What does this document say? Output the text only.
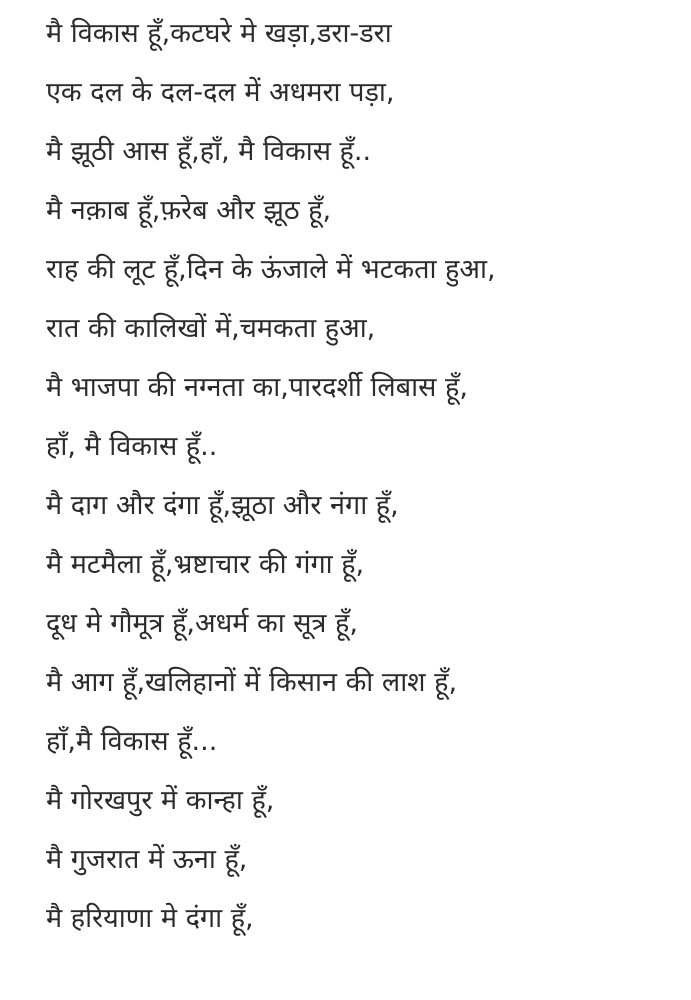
मै विकास हूँ,कटघरे मे खड़ा,डरा-डरा
एक दल के दल-दल में अधमरा पड़ा,
मै झूठी आस हूँ,हाँ, मै विकास हूँ..
मै नक़ाब हूँ,फ़रेब और झूठ हूँ,
राह की लूट हूँ,दिन के ऊंजाले में भटकता हुआ,
रात की कालिखों में,चमकता हुआ,
मै भाजपा की नग्नता का,पारदर्शी लिबास हूँ,
हाँ, मै विकास हूँ..
मै दाग और दंगा हूँ,झूठा और नंगा हूँ,
मै मटमैला हूँ,भ्रष्टाचार की गंगा हूँ,
दूध मे गौमूत्र हूँ,अधर्म का सूत्र हूँ,
मै आग हूँ,खलिहानों में किसान की लाश हूँ,
हाँ,मै विकास हूँ...
मै गोरखपुर में कान्हा हूँ,
मै गुजरात में ऊना हूँ,
मै हरियाणा मे दंगा हूँ,
